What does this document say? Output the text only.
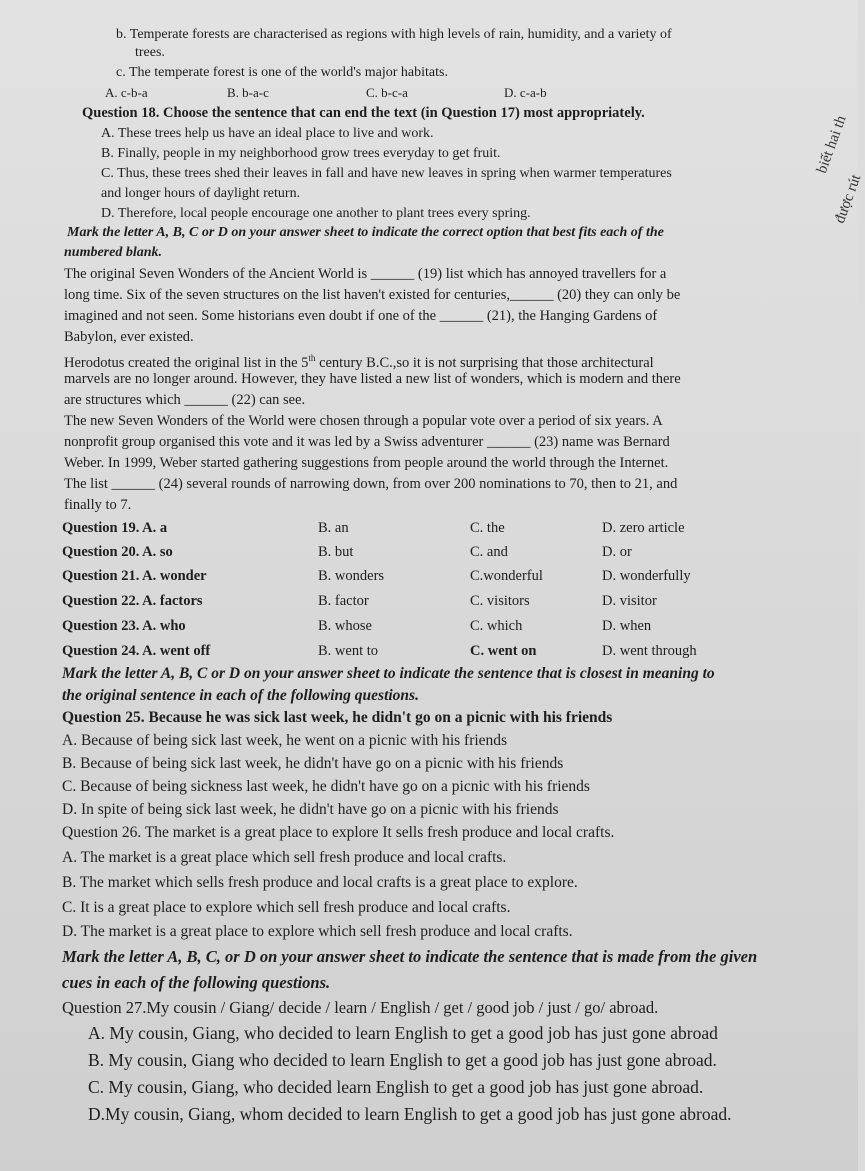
b. Temperate forests are characterised as regions with high levels of rain, humidity, and a variety of
trees.
c. The temperate forest is one of the world's major habitats.
A. c-b-a	B. b-a-c	C. b-c-a	D. c-a-b
Question 18. Choose the sentence that can end the text (in Question 17) most appropriately.
A. These trees help us have an ideal place to live and work.
B. Finally, people in my neighborhood grow trees everyday to get fruit.
C. Thus, these trees shed their leaves in fall and have new leaves in spring when warmer temperatures
and longer hours of daylight return.
D. Therefore, local people encourage one another to plant trees every spring.
Mark the letter A, B, C or D on your answer sheet to indicate the correct option that best fits each of the
numbered blank.
The original Seven Wonders of the Ancient World is ______ (19) list which has annoyed travellers for a
long time. Six of the seven structures on the list haven't existed for centuries,______ (20) they can only be
imagined and not seen. Some historians even doubt if one of the ______ (21), the Hanging Gardens of
Babylon, ever existed.
Herodotus created the original list in the 5th century B.C.,so it is not surprising that those architectural
marvels are no longer around. However, they have listed a new list of wonders, which is modern and there
are structures which ______ (22) can see.
The new Seven Wonders of the World were chosen through a popular vote over a period of six years. A
nonprofit group organised this vote and it was led by a Swiss adventurer ______ (23) name was Bernard
Weber. In 1999, Weber started gathering suggestions from people around the world through the Internet.
The list ______ (24) several rounds of narrowing down, from over 200 nominations to 70, then to 21, and
finally to 7.
Question 19. A. a	B. an	C. the	D. zero article
Question 20. A. so	B. but	C. and	D. or
Question 21. A. wonder	B. wonders	C.wonderful	D. wonderfully
Question 22. A. factors	B. factor	C. visitors	D. visitor
Question 23. A. who	B. whose	C. which	D. when
Question 24. A. went off	B. went to	C. went on	D. went through
Mark the letter A, B, C or D on your answer sheet to indicate the sentence that is closest in meaning to
the original sentence in each of the following questions.
Question 25. Because he was sick last week, he didn't go on a picnic with his friends
A. Because of being sick last week, he went on a picnic with his friends
B. Because of being sick last week, he didn't have go on a picnic with his friends
C. Because of being sickness last week, he didn't have go on a picnic with his friends
D. In spite of being sick last week, he didn't have go on a picnic with his friends
Question 26. The market is a great place to explore It sells fresh produce and local crafts.
A. The market is a great place which sell fresh produce and local crafts.
B. The market which sells fresh produce and local crafts is a great place to explore.
C. It is a great place to explore which sell fresh produce and local crafts.
D. The market is a great place to explore which sell fresh produce and local crafts.
Mark the letter A, B, C, or D on your answer sheet to indicate the sentence that is made from the given
cues in each of the following questions.
Question 27.My cousin / Giang/ decide / learn / English / get / good job / just / go/ abroad.
A. My cousin, Giang, who decided to learn English to get a good job has just gone abroad
B. My cousin, Giang who decided to learn English to get a good job has just gone abroad.
C. My cousin, Giang, who decided learn English to get a good job has just gone abroad.
D.My cousin, Giang, whom decided to learn English to get a good job has just gone abroad.
biết hai th
được rút
